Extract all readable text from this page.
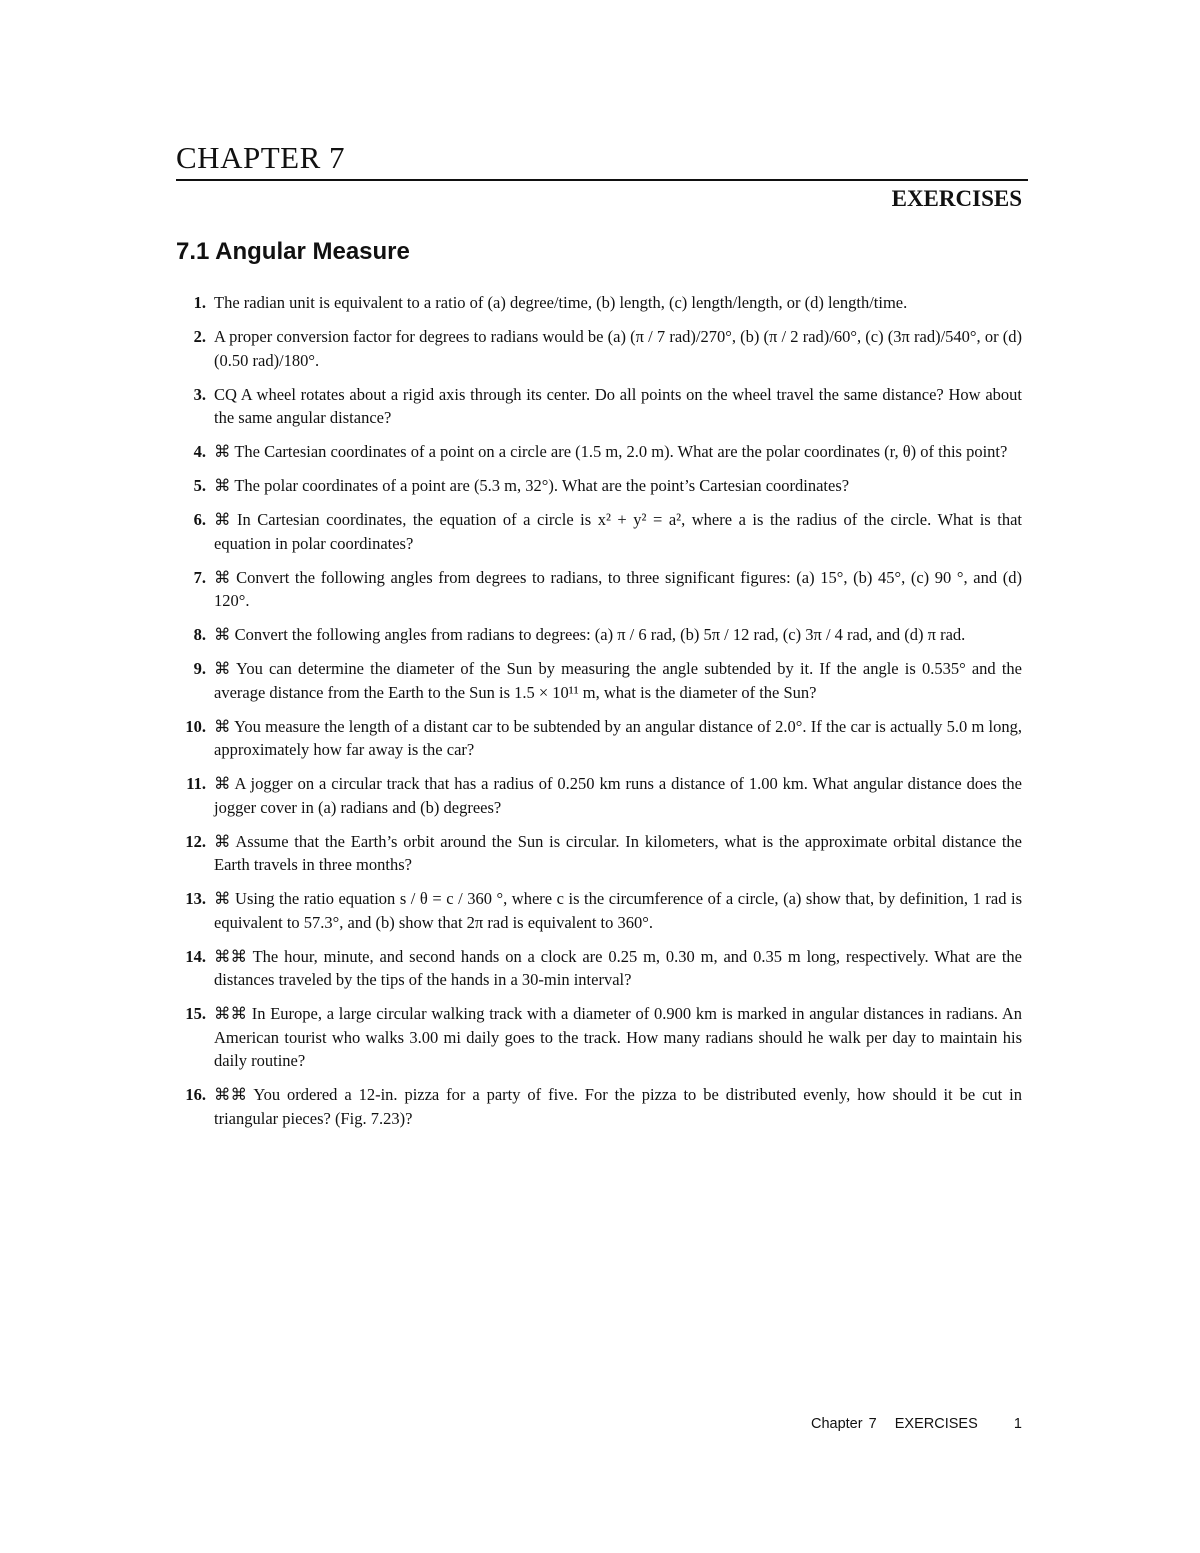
CHAPTER 7
EXERCISES
7.1 Angular Measure
1. The radian unit is equivalent to a ratio of (a) degree/time, (b) length, (c) length/length, or (d) length/time.
2. A proper conversion factor for degrees to radians would be (a) (π / 7 rad)/270°, (b) (π / 2 rad)/60°, (c) (3π rad)/540°, or (d) (0.50 rad)/180°.
3. CQ A wheel rotates about a rigid axis through its center. Do all points on the wheel travel the same distance? How about the same angular distance?
4. ⌘ The Cartesian coordinates of a point on a circle are (1.5 m, 2.0 m). What are the polar coordinates (r, θ) of this point?
5. ⌘ The polar coordinates of a point are (5.3 m, 32°). What are the point’s Cartesian coordinates?
6. ⌘ In Cartesian coordinates, the equation of a circle is x² + y² = a², where a is the radius of the circle. What is that equation in polar coordinates?
7. ⌘ Convert the following angles from degrees to radians, to three significant figures: (a) 15°, (b) 45°, (c) 90 °, and (d) 120°.
8. ⌘ Convert the following angles from radians to degrees: (a) π / 6 rad, (b) 5π / 12 rad, (c) 3π / 4 rad, and (d) π rad.
9. ⌘ You can determine the diameter of the Sun by measuring the angle subtended by it. If the angle is 0.535° and the average distance from the Earth to the Sun is 1.5 × 10¹¹ m, what is the diameter of the Sun?
10. ⌘ You measure the length of a distant car to be subtended by an angular distance of 2.0°. If the car is actually 5.0 m long, approximately how far away is the car?
11. ⌘ A jogger on a circular track that has a radius of 0.250 km runs a distance of 1.00 km. What angular distance does the jogger cover in (a) radians and (b) degrees?
12. ⌘ Assume that the Earth’s orbit around the Sun is circular. In kilometers, what is the approximate orbital distance the Earth travels in three months?
13. ⌘ Using the ratio equation s / θ = c / 360 °, where c is the circumference of a circle, (a) show that, by definition, 1 rad is equivalent to 57.3°, and (b) show that 2π rad is equivalent to 360°.
14. ⌘⌘ The hour, minute, and second hands on a clock are 0.25 m, 0.30 m, and 0.35 m long, respectively. What are the distances traveled by the tips of the hands in a 30-min interval?
15. ⌘⌘ In Europe, a large circular walking track with a diameter of 0.900 km is marked in angular distances in radians. An American tourist who walks 3.00 mi daily goes to the track. How many radians should he walk per day to maintain his daily routine?
16. ⌘⌘ You ordered a 12-in. pizza for a party of five. For the pizza to be distributed evenly, how should it be cut in triangular pieces? (Fig. 7.23)?
Chapter 7 EXERCISES 1
